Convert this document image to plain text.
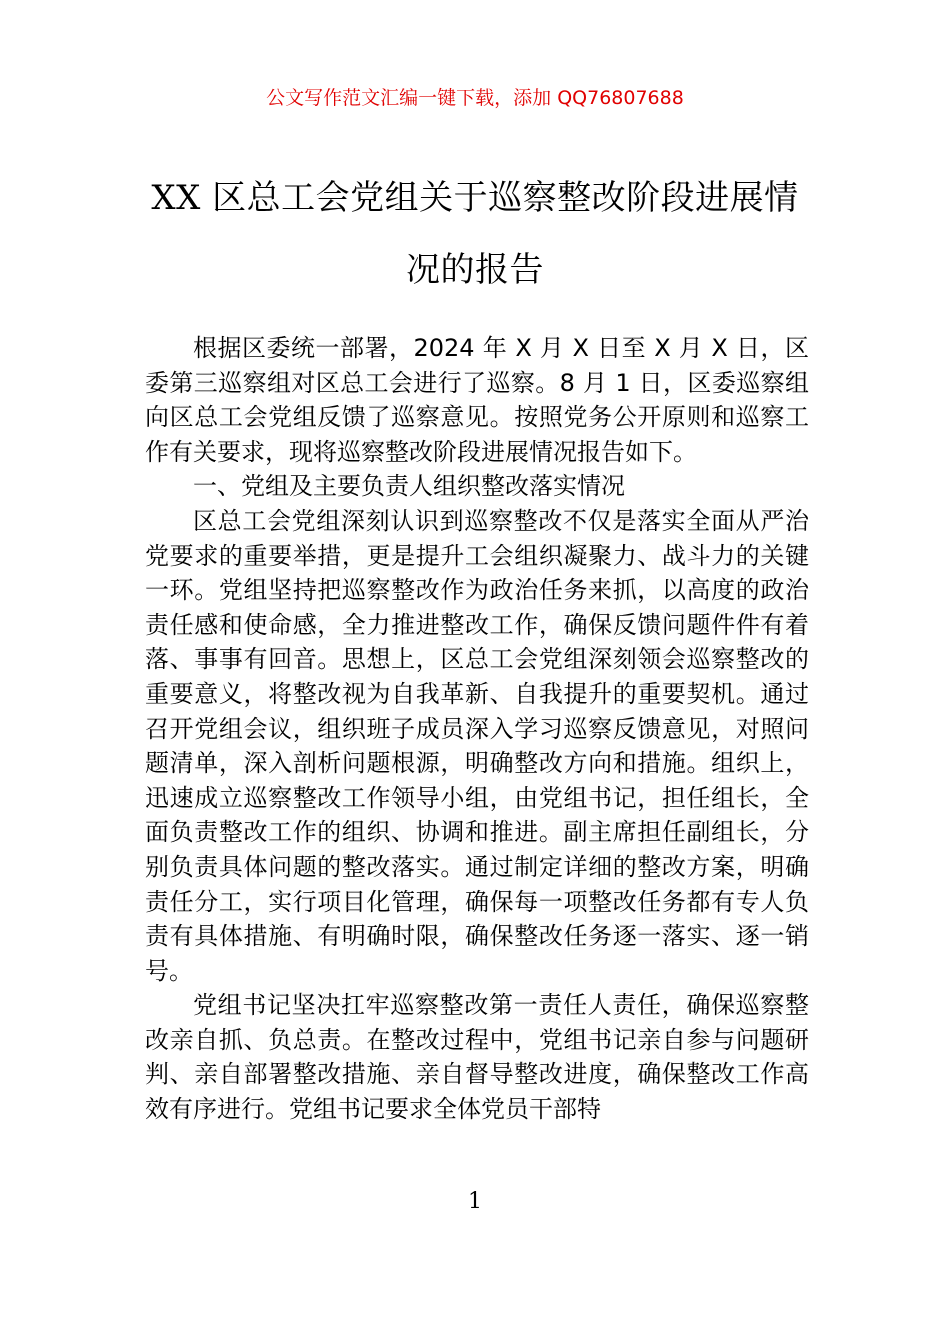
公文写作范文汇编一键下载，添加 QQ76807688
XX 区总工会党组关于巡察整改阶段进展情况的报告

根据区委统一部署，2024 年 X 月 X 日至 X 月 X 日，区委第三巡察组对区总工会进行了巡察。8 月 1 日，区委巡察组向区总工会党组反馈了巡察意见。按照党务公开原则和巡察工作有关要求，现将巡察整改阶段进展情况报告如下。

一、党组及主要负责人组织整改落实情况

区总工会党组深刻认识到巡察整改不仅是落实全面从严治党要求的重要举措，更是提升工会组织凝聚力、战斗力的关键一环。党组坚持把巡察整改作为政治任务来抓，以高度的政治责任感和使命感，全力推进整改工作，确保反馈问题件件有着落、事事有回音。思想上，区总工会党组深刻领会巡察整改的重要意义，将整改视为自我革新、自我提升的重要契机。通过召开党组会议，组织班子成员深入学习巡察反馈意见，对照问题清单，深入剖析问题根源，明确整改方向和措施。组织上，迅速成立巡察整改工作领导小组，由党组书记，担任组长，全面负责整改工作的组织、协调和推进。副主席担任副组长，分别负责具体问题的整改落实。通过制定详细的整改方案，明确责任分工，实行项目化管理，确保每一项整改任务都有专人负责有具体措施、有明确时限，确保整改任务逐一落实、逐一销号。

党组书记坚决扛牢巡察整改第一责任人责任，确保巡察整改亲自抓、负总责。在整改过程中，党组书记亲自参与问题研判、亲自部署整改措施、亲自督导整改进度，确保整改工作高效有序进行。党组书记要求全体党员干部特

1
